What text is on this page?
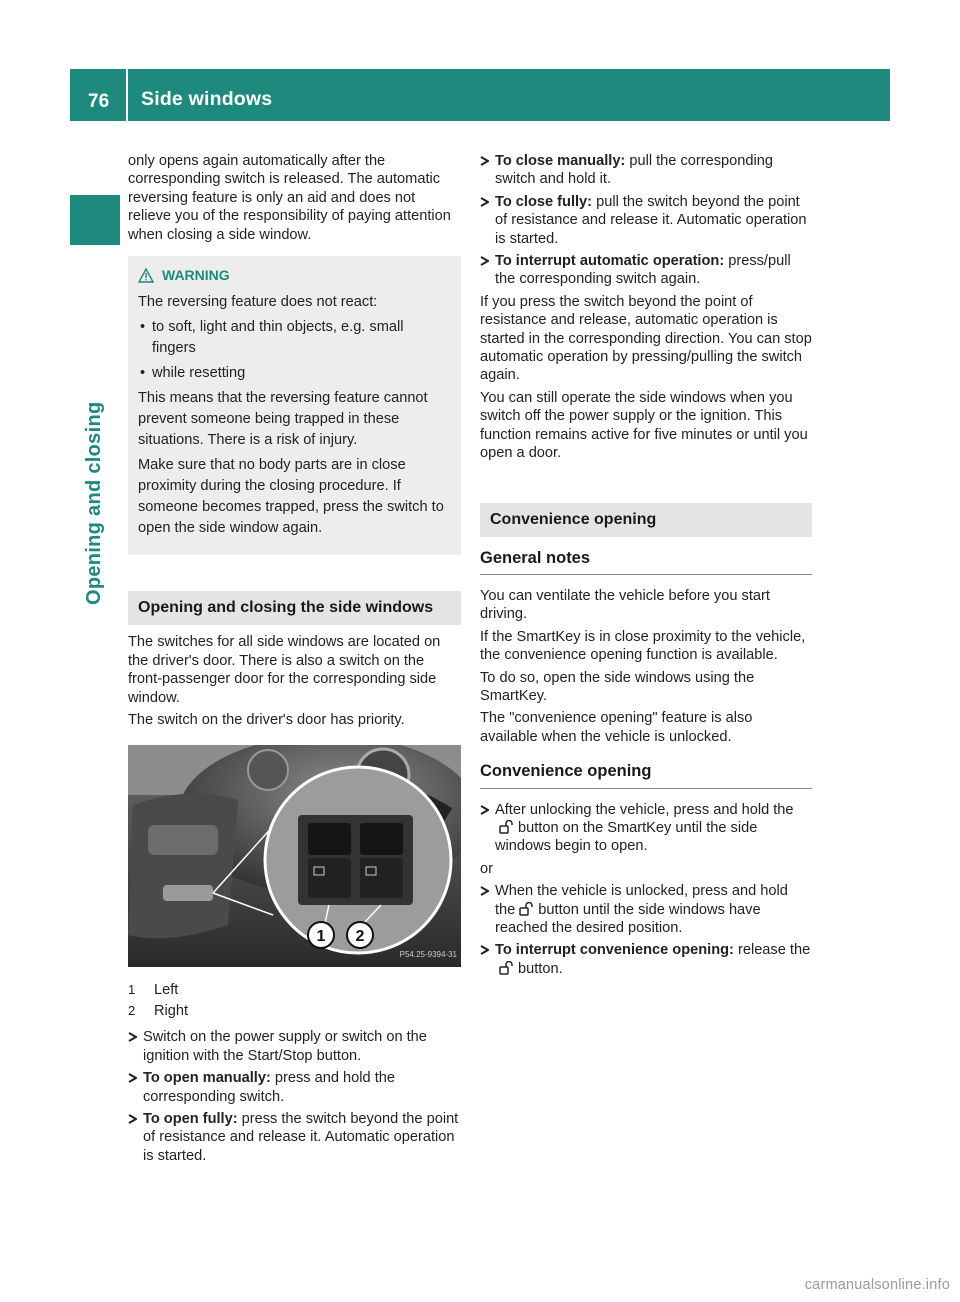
76 Side windows
Opening and closing

only opens again automatically after the corresponding switch is released. The automatic reversing feature is only an aid and does not relieve you of the responsibility of paying attention when closing a side window.

WARNING

The reversing feature does not react:

• to soft, light and thin objects, e.g. small fingers
• while resetting

This means that the reversing feature cannot prevent someone being trapped in these situations. There is a risk of injury.

Make sure that no body parts are in close proximity during the closing procedure. If someone becomes trapped, press the switch to open the side window again.

Opening and closing the side windows

The switches for all side windows are located on the driver's door. There is also a switch on the front-passenger door for the corresponding side window.

The switch on the driver's door has priority.

1 2
P54.25-9394-31
1	Left
2	Right
Switch on the power supply or switch on the ignition with the Start/Stop button.
To open manually: press and hold the corresponding switch.
To open fully: press the switch beyond the point of resistance and release it. Automatic operation is started.
To close manually: pull the corresponding switch and hold it.
To close fully: pull the switch beyond the point of resistance and release it. Automatic operation is started.
To interrupt automatic operation: press/pull the corresponding switch again.

If you press the switch beyond the point of resistance and release, automatic operation is started in the corresponding direction. You can stop automatic operation by pressing/pulling the switch again.

You can still operate the side windows when you switch off the power supply or the ignition. This function remains active for five minutes or until you open a door.

Convenience opening
General notes

You can ventilate the vehicle before you start driving.

If the SmartKey is in close proximity to the vehicle, the convenience opening function is available.

To do so, open the side windows using the SmartKey.

The "convenience opening" feature is also available when the vehicle is unlocked.

Convenience opening
After unlocking the vehicle, press and hold thebutton on the SmartKey until the side windows begin to open.

or

When the vehicle is unlocked, press and hold the button until the side windows have reached the desired position.
To interrupt convenience opening: release thebutton.
carmanualsonline.info
